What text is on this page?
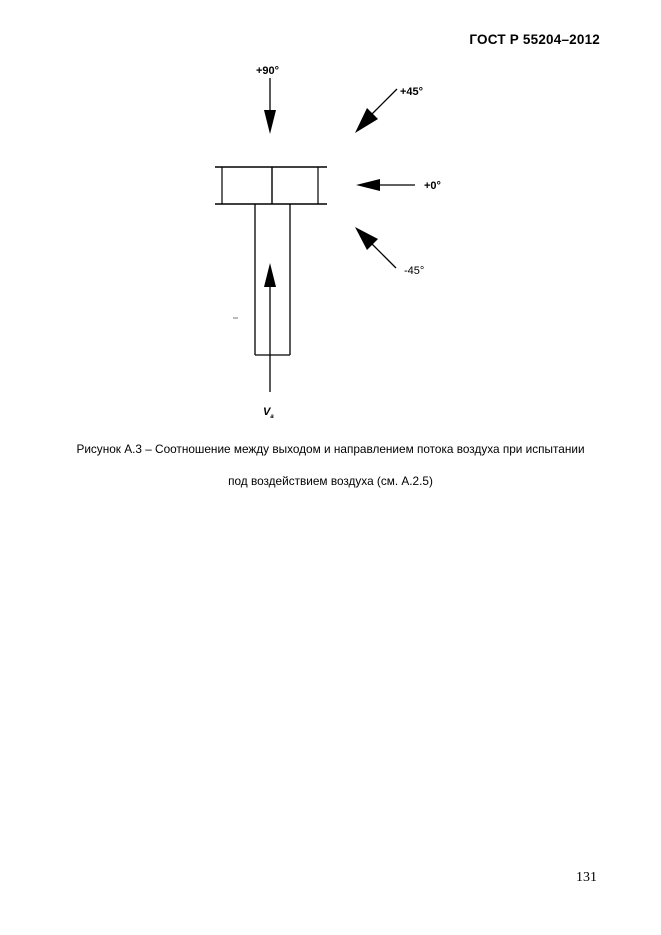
ГОСТ Р 55204–2012
+90°
+45°
+0°
-45°
$V_a$
Рисунок А.3 – Соотношение между выходом и направлением потока воздуха при испытании
под воздействием воздуха (см. А.2.5)
131
